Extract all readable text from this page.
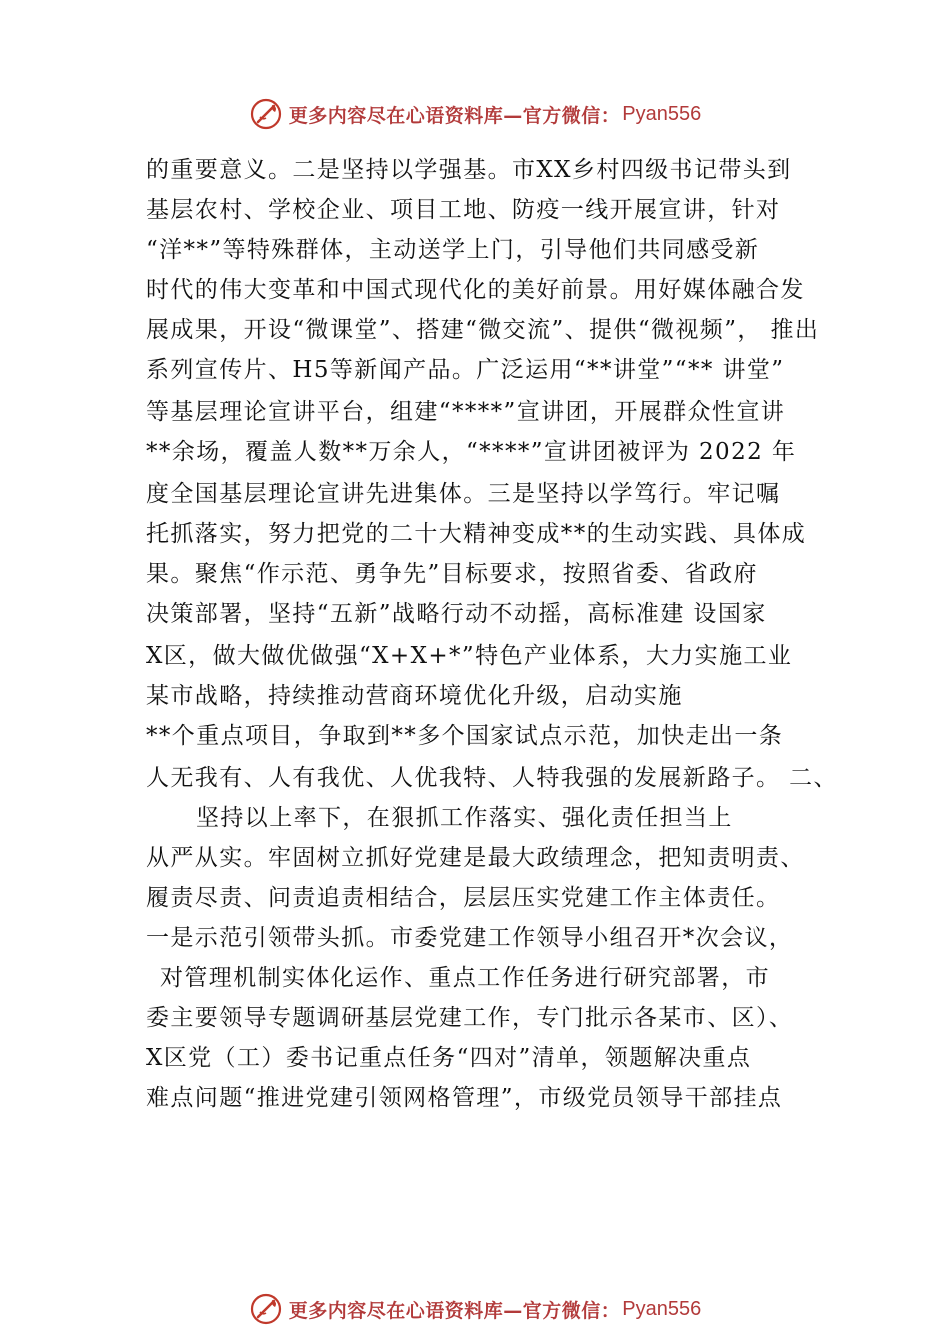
更多内容尽在心语资料库—官方微信： Pyan556
的重要意义。二是坚持以学强基。市XX乡村四级书记带头到
基层农村、学校企业、项目工地、防疫一线开展宣讲，针对
“洋**”等特殊群体，主动送学上门，引导他们共同感受新
时代的伟大变革和中国式现代化的美好前景。用好媒体融合发
展成果，开设“微课堂”、搭建“微交流”、提供“微视频”， 推出
系列宣传片、H5等新闻产品。广泛运用“**讲堂”“** 讲堂”
等基层理论宣讲平台，组建“****”宣讲团，开展群众性宣讲
**余场，覆盖人数**万余人，“****”宣讲团被评为 2022 年
度全国基层理论宣讲先进集体。三是坚持以学笃行。牢记嘱
托抓落实，努力把党的二十大精神变成**的生动实践、具体成
果。聚焦“作示范、勇争先”目标要求，按照省委、省政府
决策部署，坚持“五新”战略行动不动摇，高标准建 设国家
X区，做大做优做强“X+X+*”特色产业体系，大力实施工业
某市战略，持续推动营商环境优化升级，启动实施
**个重点项目，争取到**多个国家试点示范，加快走出一条
人无我有、人有我优、人优我特、人特我强的发展新路子。 二、
坚持以上率下，在狠抓工作落实、强化责任担当上
从严从实。牢固树立抓好党建是最大政绩理念，把知责明责、
履责尽责、问责追责相结合，层层压实党建工作主体责任。
一是示范引领带头抓。市委党建工作领导小组召开*次会议，
对管理机制实体化运作、重点工作任务进行研究部署，市
委主要领导专题调研基层党建工作，专门批示各某市、区）、
X区党（工）委书记重点任务“四对”清单，领题解决重点
难点问题“推进党建引领网格管理”，市级党员领导干部挂点
更多内容尽在心语资料库—官方微信： Pyan556
